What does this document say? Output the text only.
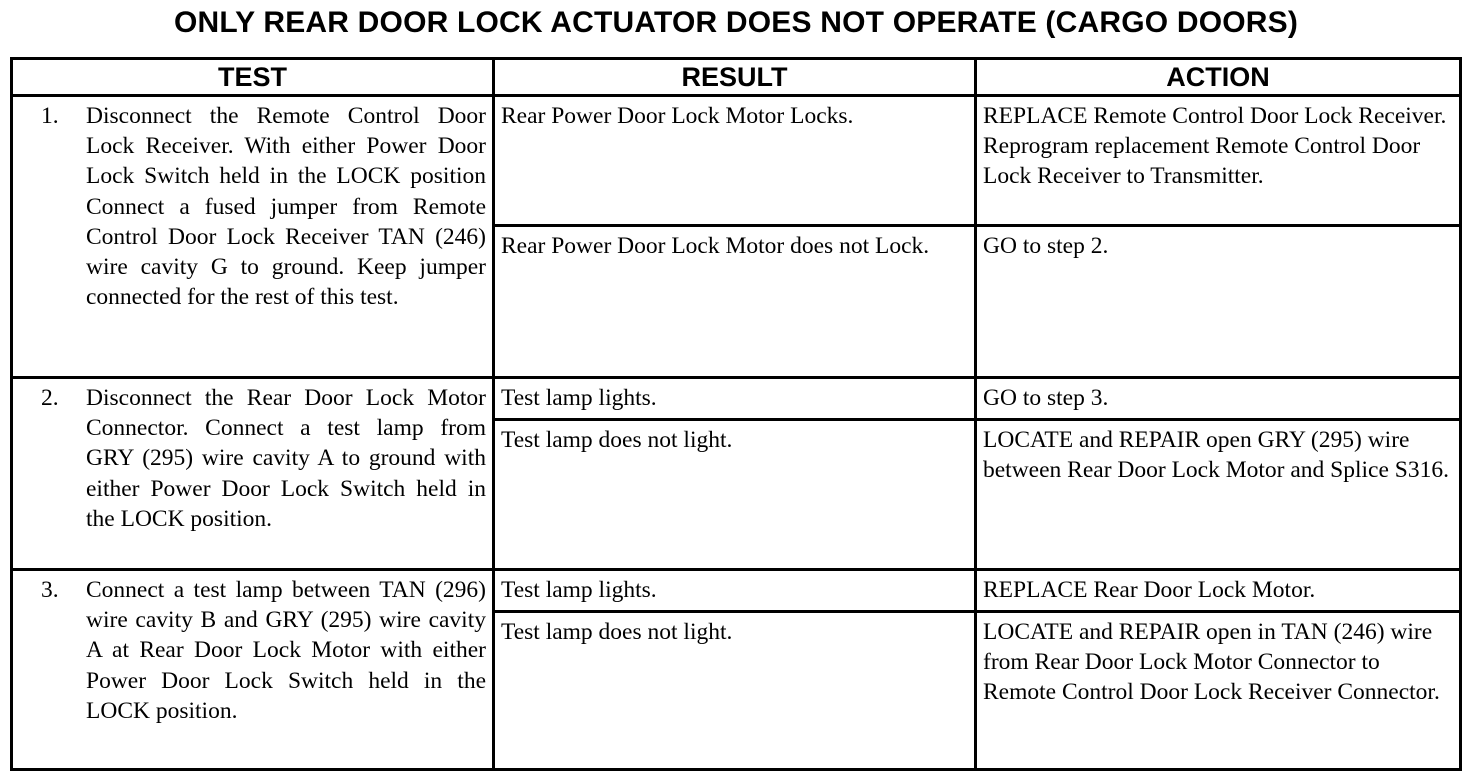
ONLY REAR DOOR LOCK ACTUATOR DOES NOT OPERATE (CARGO DOORS)
TEST	RESULT	ACTION

1. Disconnect the Remote Control Door Lock Receiver. With either Power Door Lock Switch held in the LOCK position Connect a fused jumper from Remote Control Door Lock Receiver TAN (246) wire cavity G to ground. Keep jumper connected for the rest of this test.	Rear Power Door Lock Motor Locks.	REPLACE Remote Control Door Lock Receiver. Reprogram replacement Remote Control Door Lock Receiver to Transmitter.

	Rear Power Door Lock Motor does not Lock.	GO to step 2.

2. Disconnect the Rear Door Lock Motor Connector. Connect a test lamp from GRY (295) wire cavity A to ground with either Power Door Lock Switch held in the LOCK position.	Test lamp lights.	GO to step 3.

	Test lamp does not light.	LOCATE and REPAIR open GRY (295) wire between Rear Door Lock Motor and Splice S316.

3. Connect a test lamp between TAN (296) wire cavity B and GRY (295) wire cavity A at Rear Door Lock Motor with either Power Door Lock Switch held in the LOCK position.	Test lamp lights.	REPLACE Rear Door Lock Motor.

	Test lamp does not light.	LOCATE and REPAIR open in TAN (246) wire from Rear Door Lock Motor Connector to Remote Control Door Lock Receiver Connector.
